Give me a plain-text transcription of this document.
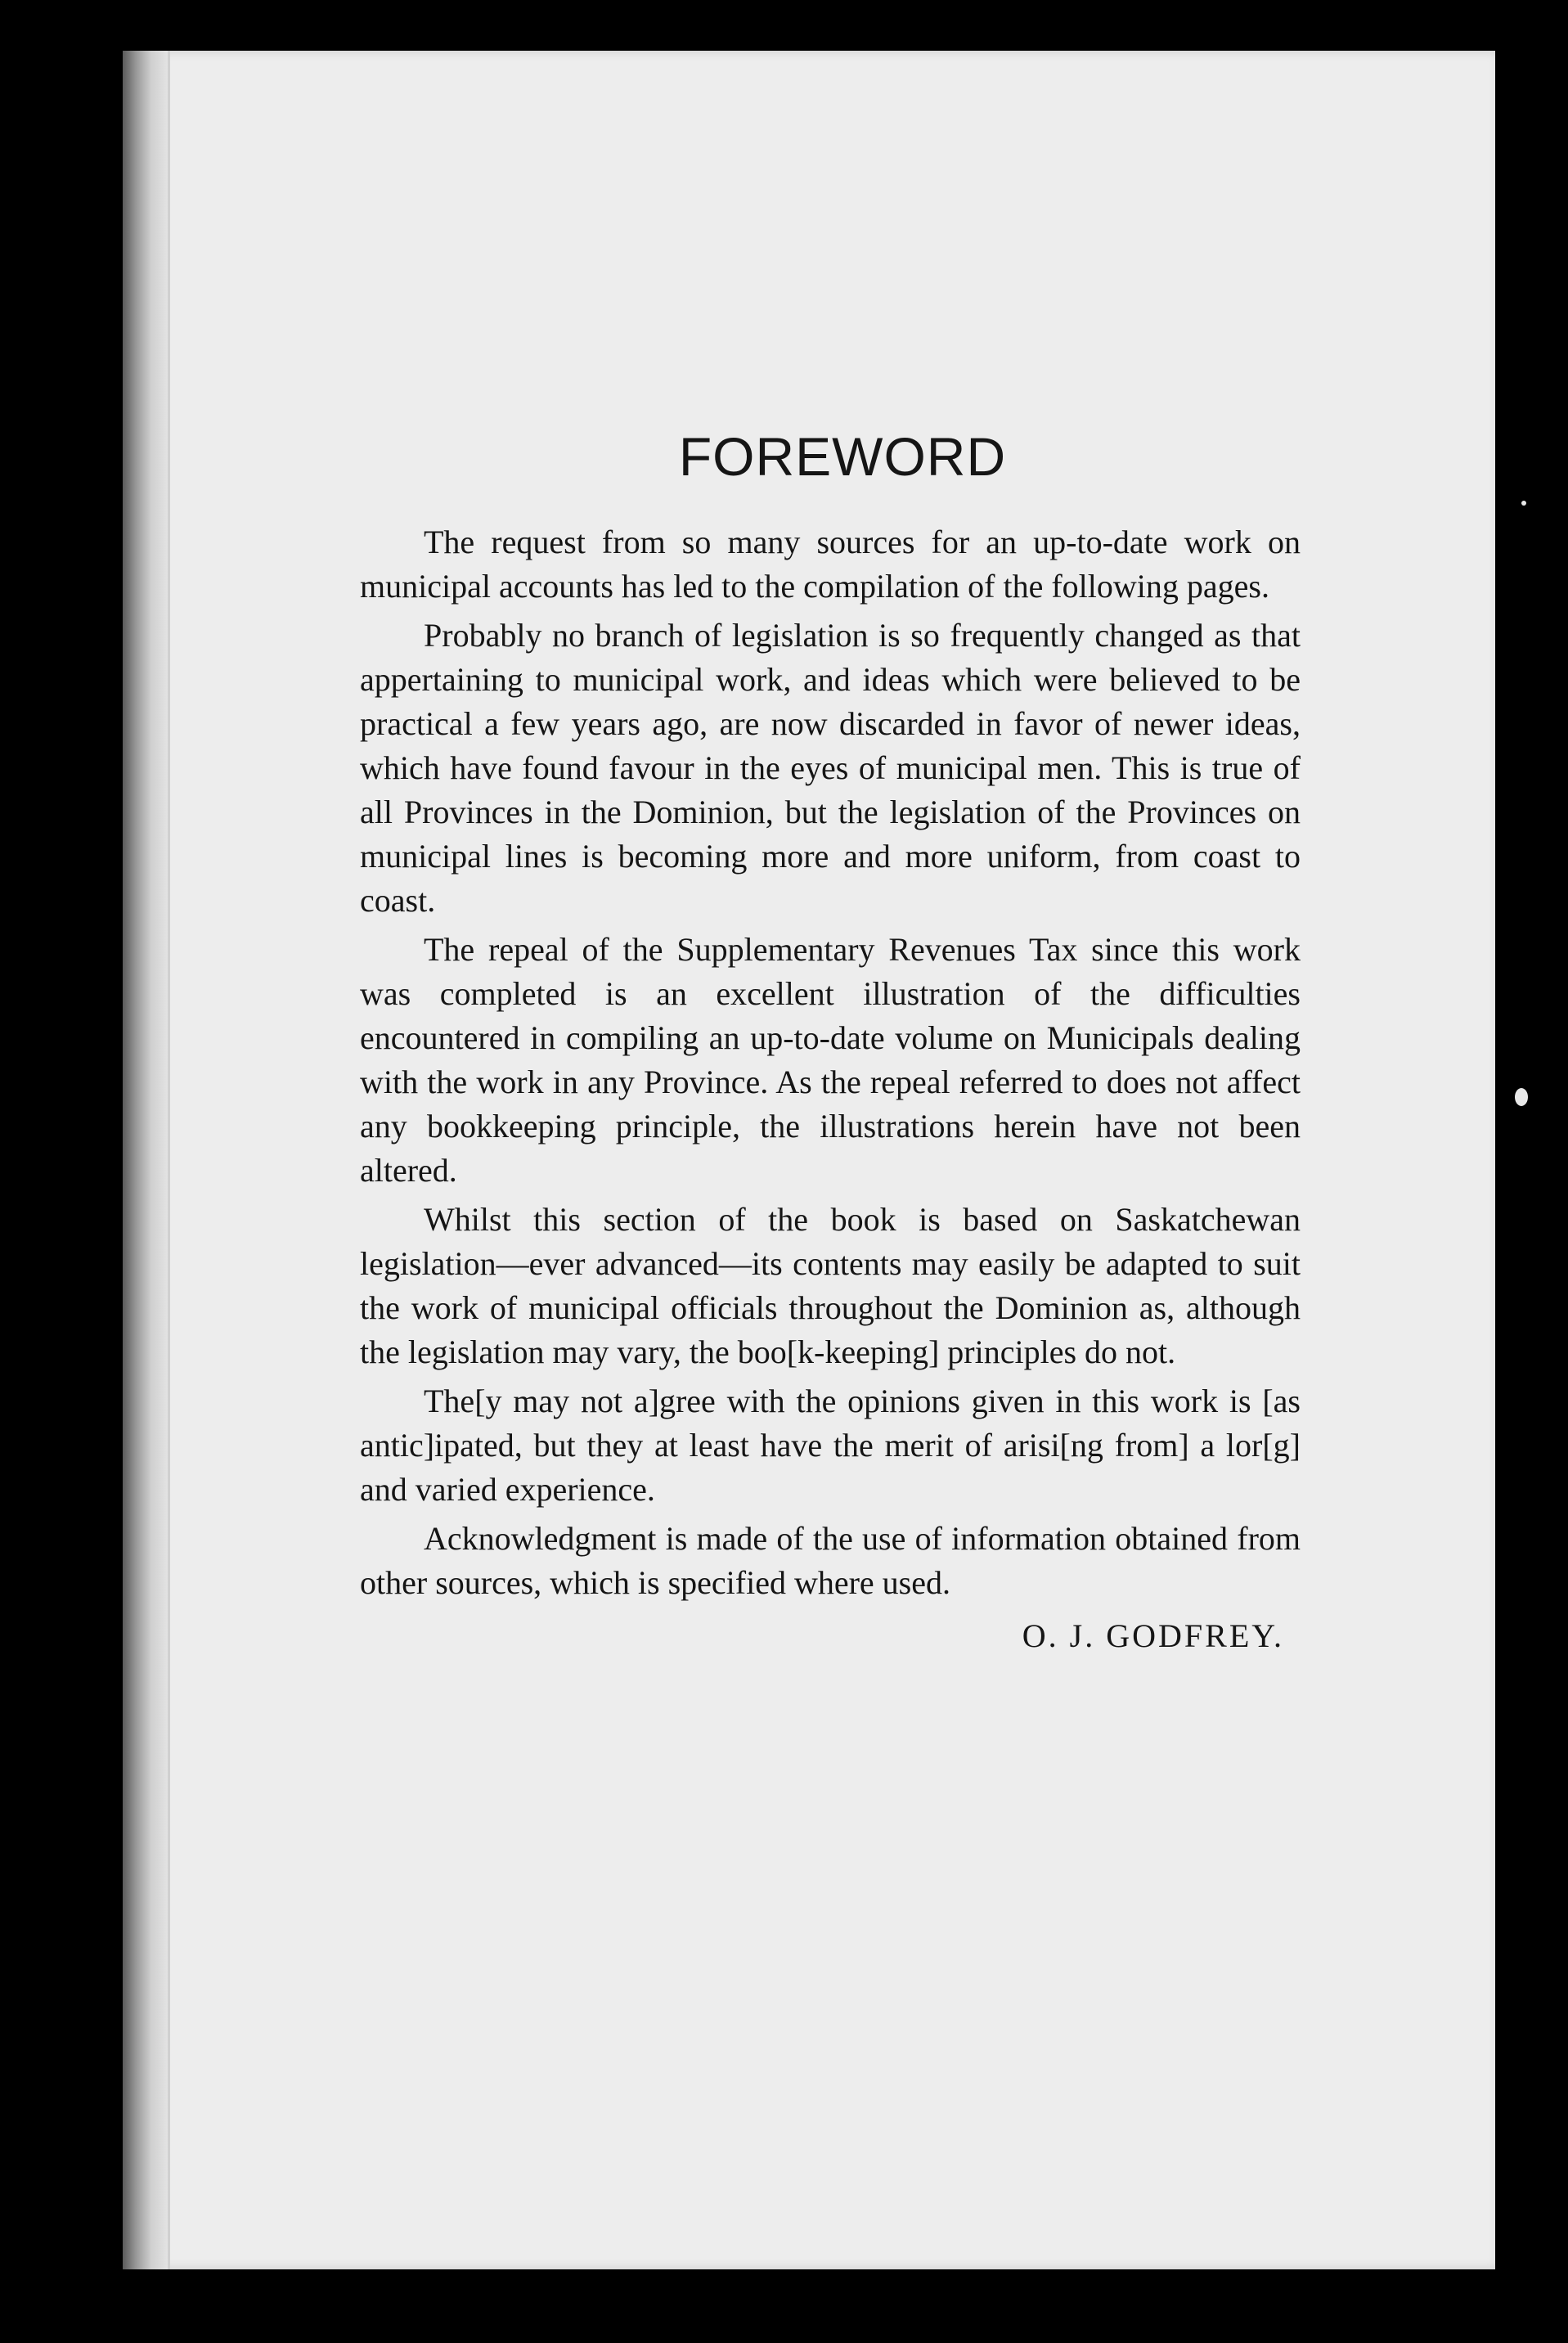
FOREWORD

The request from so many sources for an up-to-date work on municipal accounts has led to the compilation of the following pages.

Probably no branch of legislation is so frequently changed as that appertaining to municipal work, and ideas which were believed to be practical a few years ago, are now discarded in favor of newer ideas, which have found favour in the eyes of municipal men. This is true of all Provinces in the Dominion, but the legislation of the Provinces on municipal lines is becoming more and more uniform, from coast to coast.

The repeal of the Supplementary Revenues Tax since this work was completed is an excellent illustration of the difficulties encountered in compiling an up-to-date volume on Municipals dealing with the work in any Province. As the repeal referred to does not affect any bookkeeping principle, the illustrations herein have not been altered.

Whilst this section of the book is based on Saskatchewan legislation—ever advanced—its contents may easily be adapted to suit the work of municipal officials throughout the Dominion as, although the legislation may vary, the boo[k-keeping] principles do not.

The[y may not a]gree with the opinions given in this work is [as antic]ipated, but they at least have the merit of arisi[ng from] a lor[g] and varied experience.

Acknowledgment is made of the use of information obtained from other sources, which is specified where used.

O. J. GODFREY.
